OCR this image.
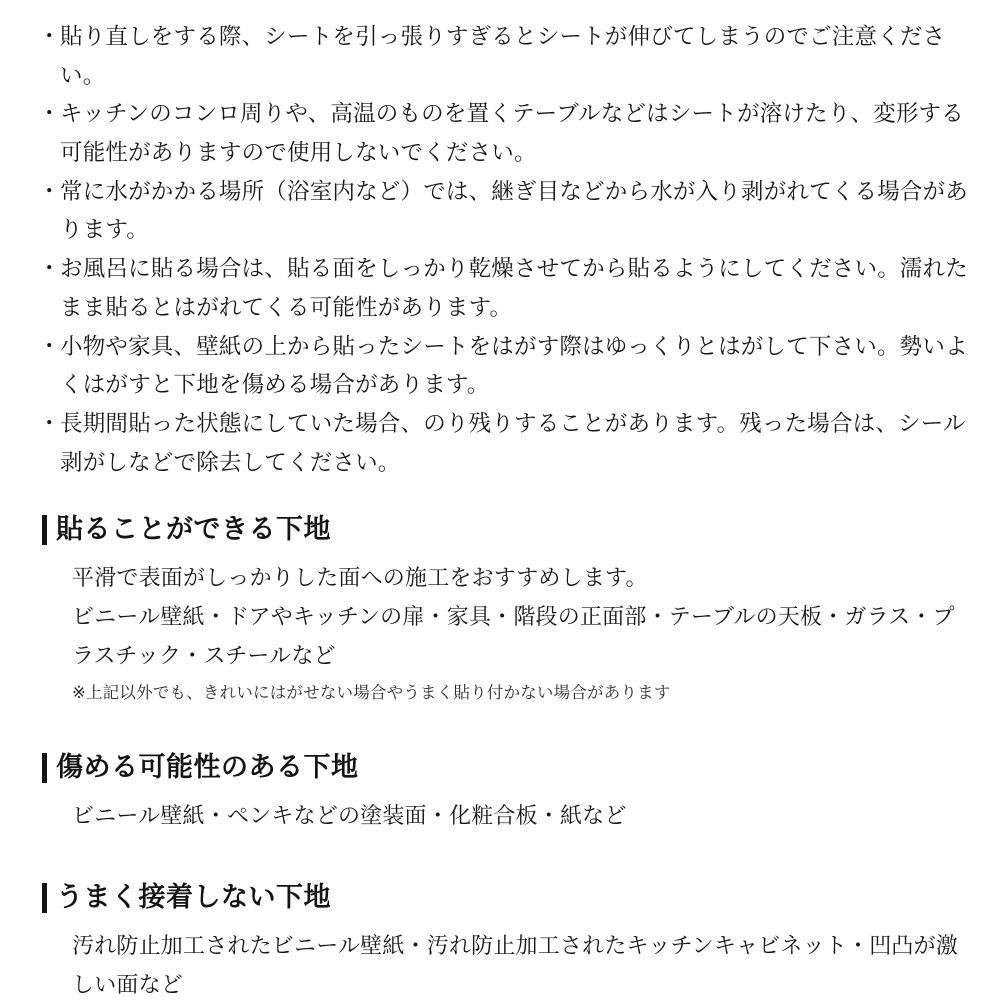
・ 貼り直しをする際、シートを引っ張りすぎるとシートが伸びてしまうのでご注意ください。
・ キッチンのコンロ周りや、高温のものを置くテーブルなどはシートが溶けたり、変形する可能性がありますので使用しないでください。
・ 常に水がかかる場所（浴室内など）では、継ぎ目などから水が入り剥がれてくる場合があります。
・ お風呂に貼る場合は、貼る面をしっかり乾燥させてから貼るようにしてください。濡れたまま貼るとはがれてくる可能性があります。
・ 小物や家具、壁紙の上から貼ったシートをはがす際はゆっくりとはがして下さい。勢いよくはがすと下地を傷める場合があります。
・ 長期間貼った状態にしていた場合、のり残りすることがあります。残った場合は、シール剥がしなどで除去してください。
貼ることができる下地
平滑で表面がしっかりした面への施工をおすすめします。
ビニール壁紙・ドアやキッチンの扉・家具・階段の正面部・テーブルの天板・ガラス・プラスチック・スチールなど
※上記以外でも、きれいにはがせない場合やうまく貼り付かない場合があります
傷める可能性のある下地
ビニール壁紙・ペンキなどの塗装面・化粧合板・紙など
うまく接着しない下地
汚れ防止加工されたビニール壁紙・汚れ防止加工されたキッチンキャビネット・凹凸が激しい面など
